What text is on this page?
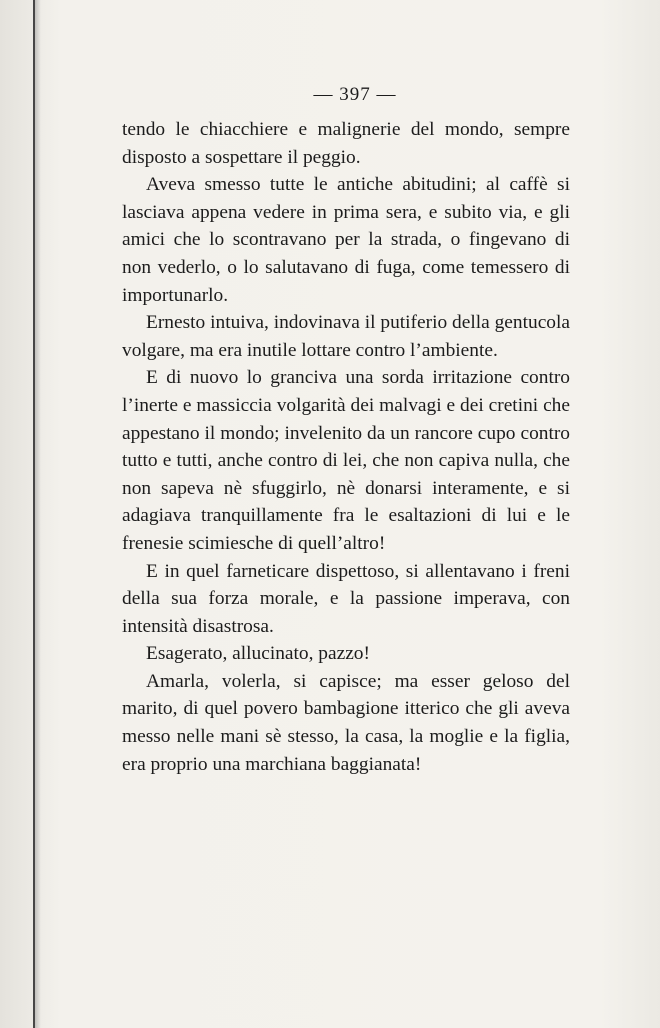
— 397 —

tendo le chiacchiere e malignerie del mondo, sempre disposto a sospettare il peggio.

Aveva smesso tutte le antiche abitudini; al caffè si lasciava appena vedere in prima sera, e subito via, e gli amici che lo scontravano per la strada, o fingevano di non vederlo, o lo salutavano di fuga, come temessero di importunarlo.

Ernesto intuiva, indovinava il putiferio della gentucola volgare, ma era inutile lottare contro l’ambiente.

E di nuovo lo granciva una sorda irritazione contro l’inerte e massiccia volgarità dei malvagi e dei cretini che appestano il mondo; invelenito da un rancore cupo contro tutto e tutti, anche contro di lei, che non capiva nulla, che non sapeva nè sfuggirlo, nè donarsi interamente, e si adagiava tranquillamente fra le esaltazioni di lui e le frenesie scimiesche di quell’altro!

E in quel farneticare dispettoso, si allentavano i freni della sua forza morale, e la passione imperava, con intensità disastrosa.

Esagerato, allucinato, pazzo!

Amarla, volerla, si capisce; ma esser geloso del marito, di quel povero bambagione itterico che gli aveva messo nelle mani sè stesso, la casa, la moglie e la figlia, era proprio una marchiana baggianata!
